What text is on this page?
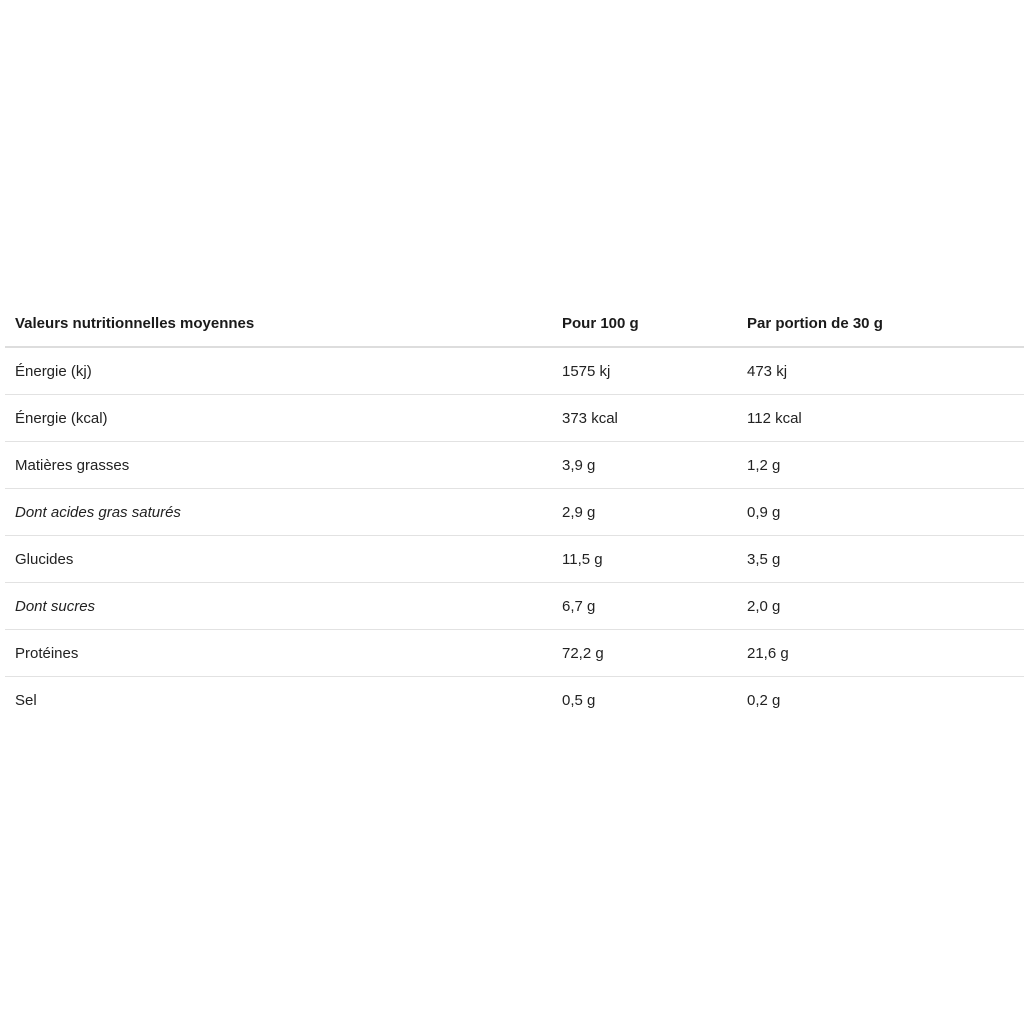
Valeurs nutritionnelles moyennes	Pour 100 g	Par portion de 30 g
Énergie (kj)	1575 kj	473 kj
Énergie (kcal)	373 kcal	112 kcal
Matières grasses	3,9 g	1,2 g
Dont acides gras saturés	2,9 g	0,9 g
Glucides	11,5 g	3,5 g
Dont sucres	6,7 g	2,0 g
Protéines	72,2 g	21,6 g
Sel	0,5 g	0,2 g
